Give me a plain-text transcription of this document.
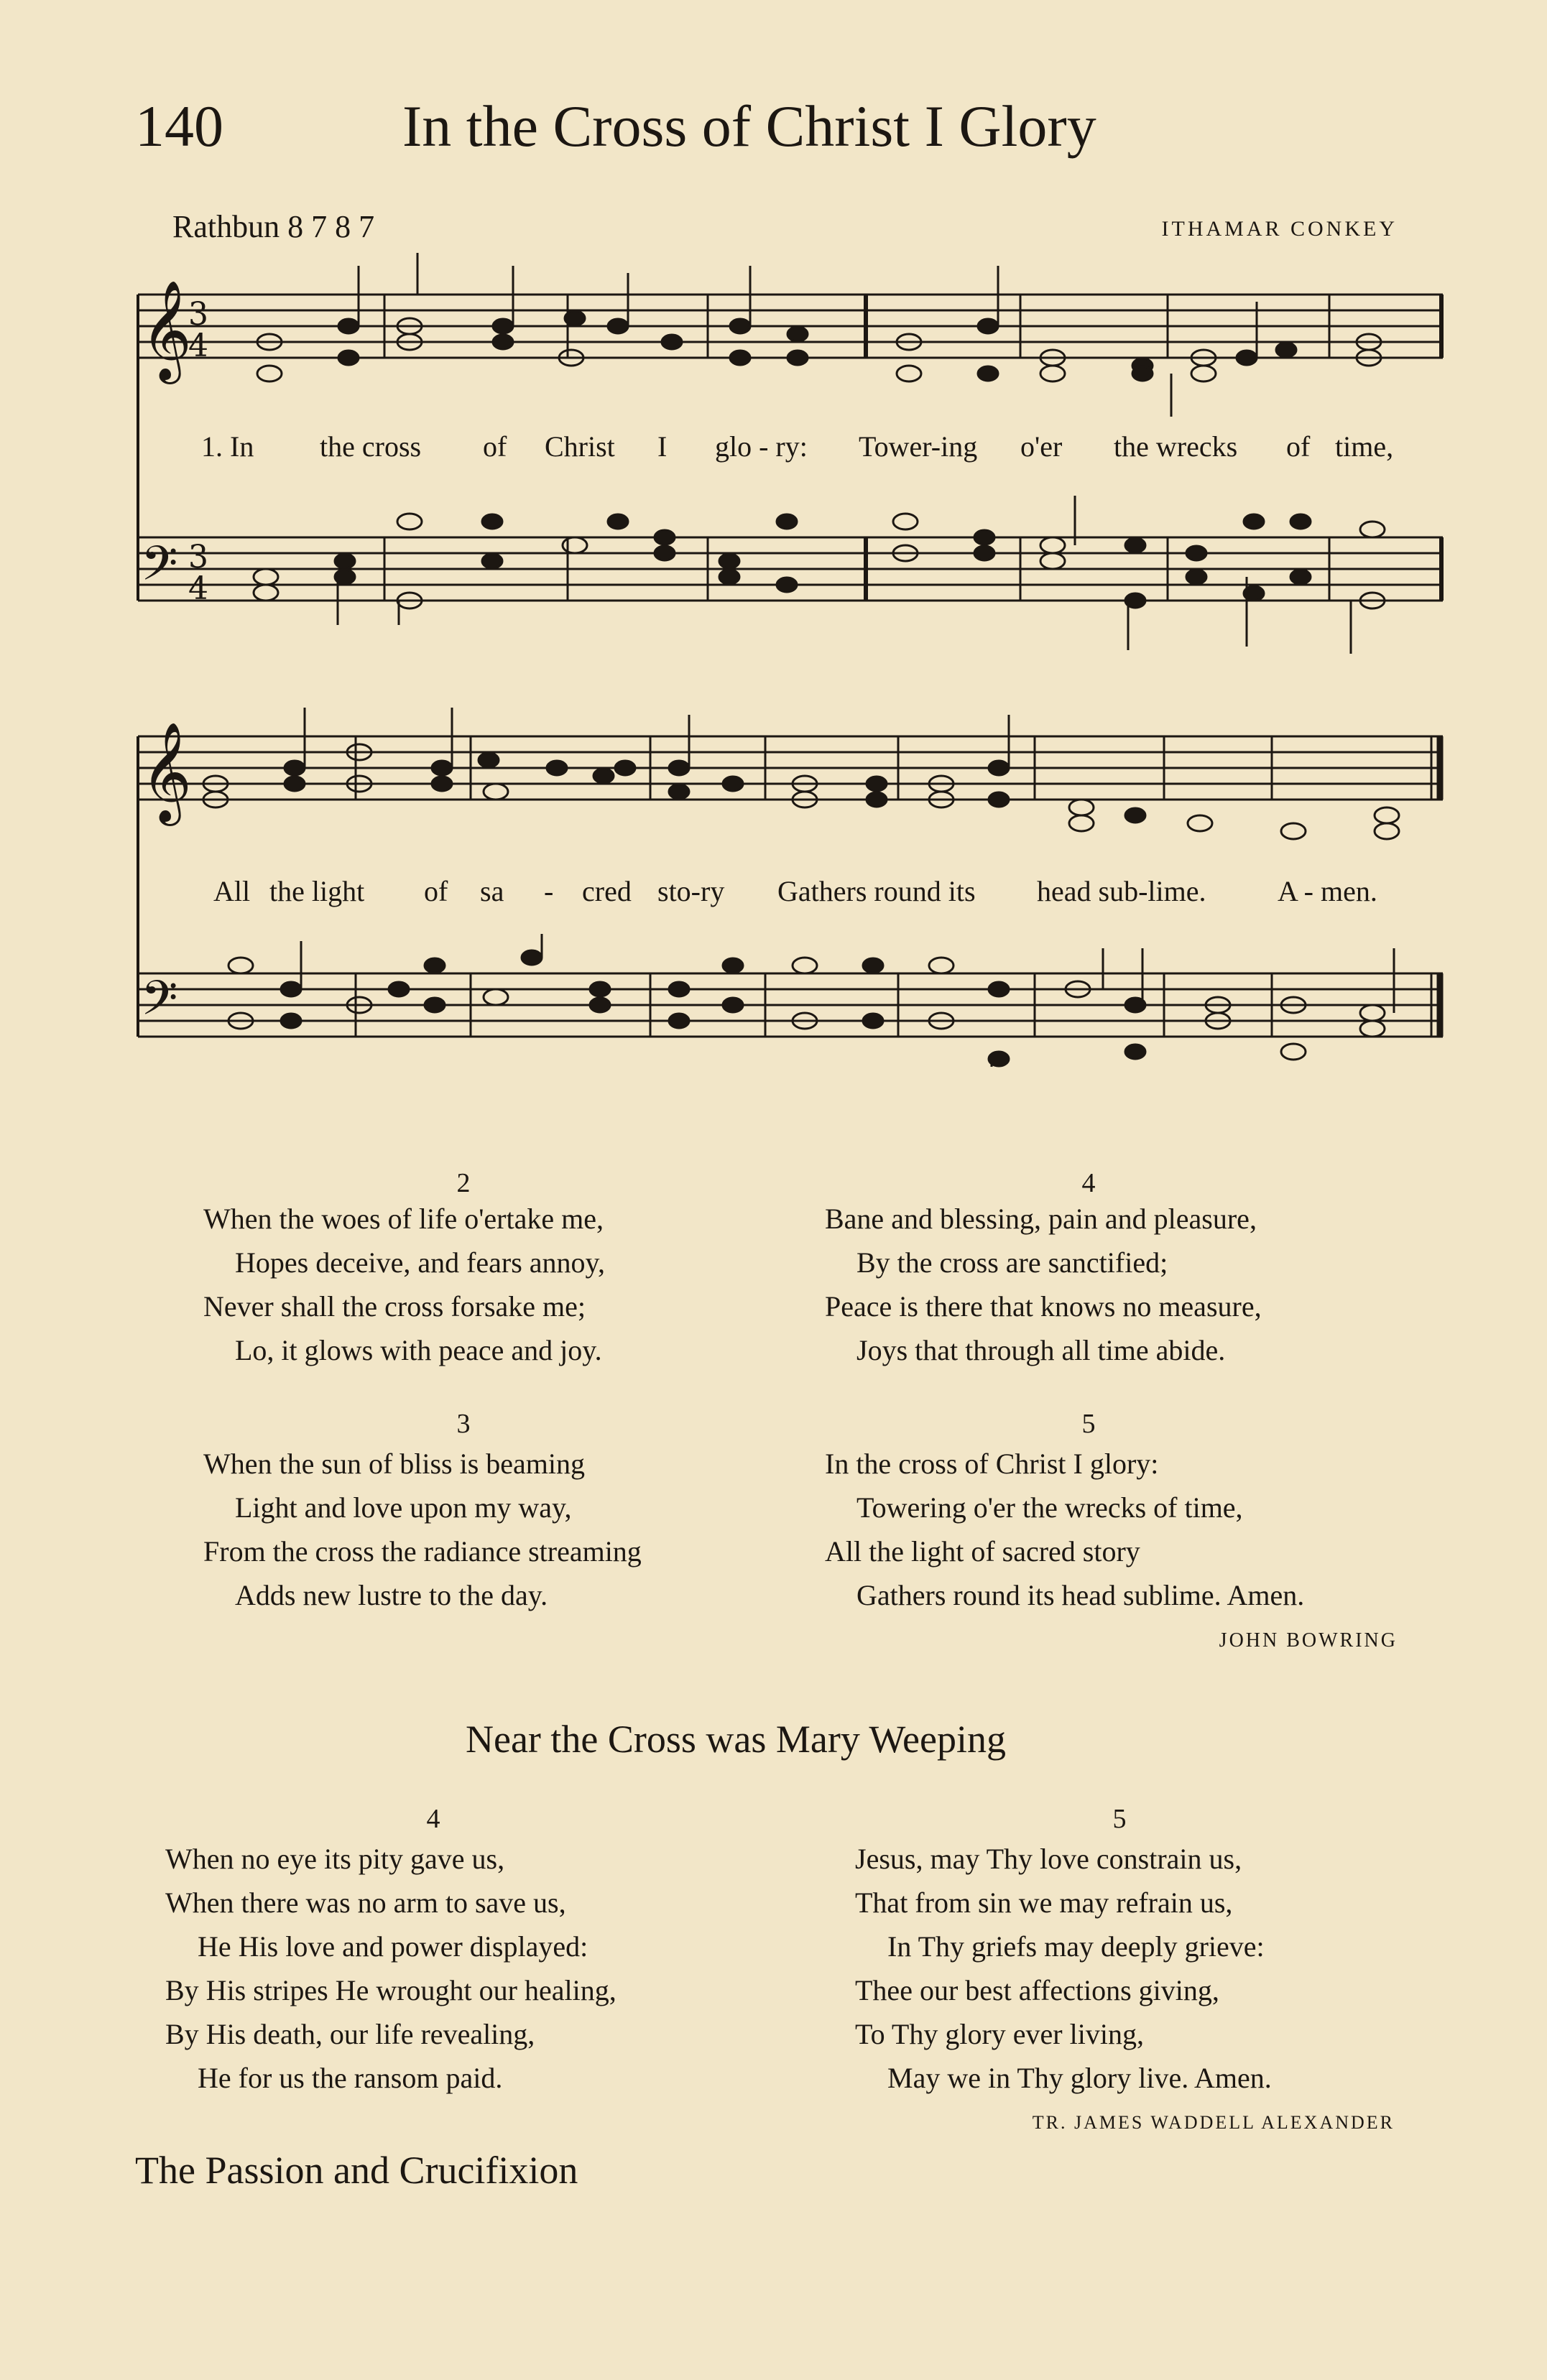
140	In the Cross of Christ I Glory
Rathbun 8 7 8 7	ITHAMAR CONKEY
𝄞
𝄢
𝄞
𝄢
3
4
3
4
1. In the cross of Christ I glo - ry: Tower-ing o'er the wrecks of time,
All the light of sa - cred sto-ry Gathers round its head sub-lime. A - men.
2
When the woes of life o'ertake me,
Hopes deceive, and fears annoy,
Never shall the cross forsake me;
Lo, it glows with peace and joy.
3
When the sun of bliss is beaming
Light and love upon my way,
From the cross the radiance streaming
Adds new lustre to the day.
4
Bane and blessing, pain and pleasure,
By the cross are sanctified;
Peace is there that knows no measure,
Joys that through all time abide.
5
In the cross of Christ I glory:
Towering o'er the wrecks of time,
All the light of sacred story
Gathers round its head sublime. Amen.
JOHN BOWRING
Near the Cross was Mary Weeping
4
When no eye its pity gave us,
When there was no arm to save us,
He His love and power displayed:
By His stripes He wrought our healing,
By His death, our life revealing,
He for us the ransom paid.
5
Jesus, may Thy love constrain us,
That from sin we may refrain us,
In Thy griefs may deeply grieve:
Thee our best affections giving,
To Thy glory ever living,
May we in Thy glory live. Amen.
TR. JAMES WADDELL ALEXANDER
The Passion and Crucifixion
